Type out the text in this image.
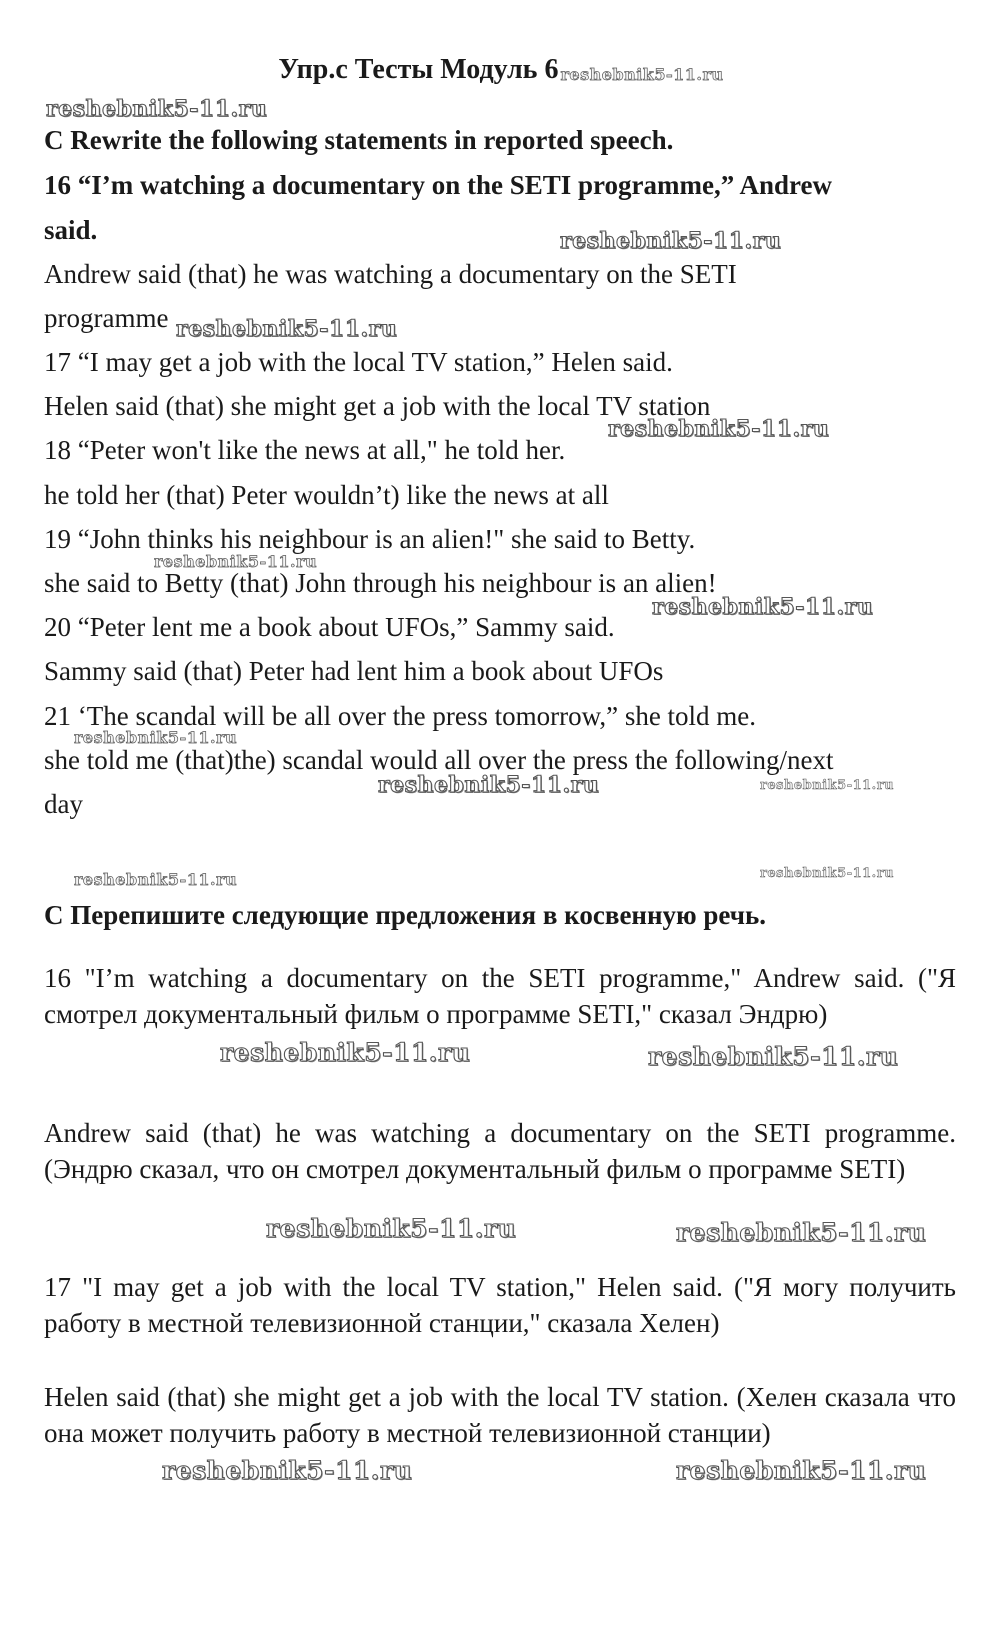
Упр.с Тесты Модуль 6 reshebnik5-11.ru
C Rewrite the following statements in reported speech.
16 “I’m watching a documentary on the SETI programme,” Andrew
said.
Andrew said (that) he was watching a documentary on the SETI
programme
17 “I may get a job with the local TV station,” Helen said.
Helen said (that) she might get a job with the local TV station
18 “Peter won't like the news at all," he told her.
he told her (that) Peter wouldn’t) like the news at all
19 “John thinks his neighbour is an alien!" she said to Betty.
she said to Betty (that) John through his neighbour is an alien!
20 “Peter lent me a book about UFOs,” Sammy said.
Sammy said (that) Peter had lent him a book about UFOs
21 ‘The scandal will be all over the press tomorrow,” she told me.
she told me (that)the) scandal would all over the press the following/next
day
С Перепишите следующие предложения в косвенную речь.
16 "I’m watching a documentary on the SETI programme," Andrew said. ("Я смотрел документальный фильм о программе SETI," сказал Эндрю)
Andrew said (that) he was watching a documentary on the SETI programme. (Эндрю сказал, что он смотрел документальный фильм о программе SETI)
17 "I may get a job with the local TV station," Helen said. ("Я могу получить работу в местной телевизионной станции," сказала Хелен)
Helen said (that) she might get a job with the local TV station. (Хелен сказала что она может получить работу в местной телевизионной станции)
reshebnik5-11.ru
reshebnik5-11.ru
reshebnik5-11.ru
reshebnik5-11.ru
reshebnik5-11.ru
reshebnik5-11.ru
reshebnik5-11.ru
reshebnik5-11.ru	reshebnik5-11.ru
reshebnik5-11.ru	reshebnik5-11.ru
reshebnik5-11.ru	reshebnik5-11.ru
reshebnik5-11.ru	reshebnik5-11.ru
reshebnik5-11.ru	reshebnik5-11.ru
